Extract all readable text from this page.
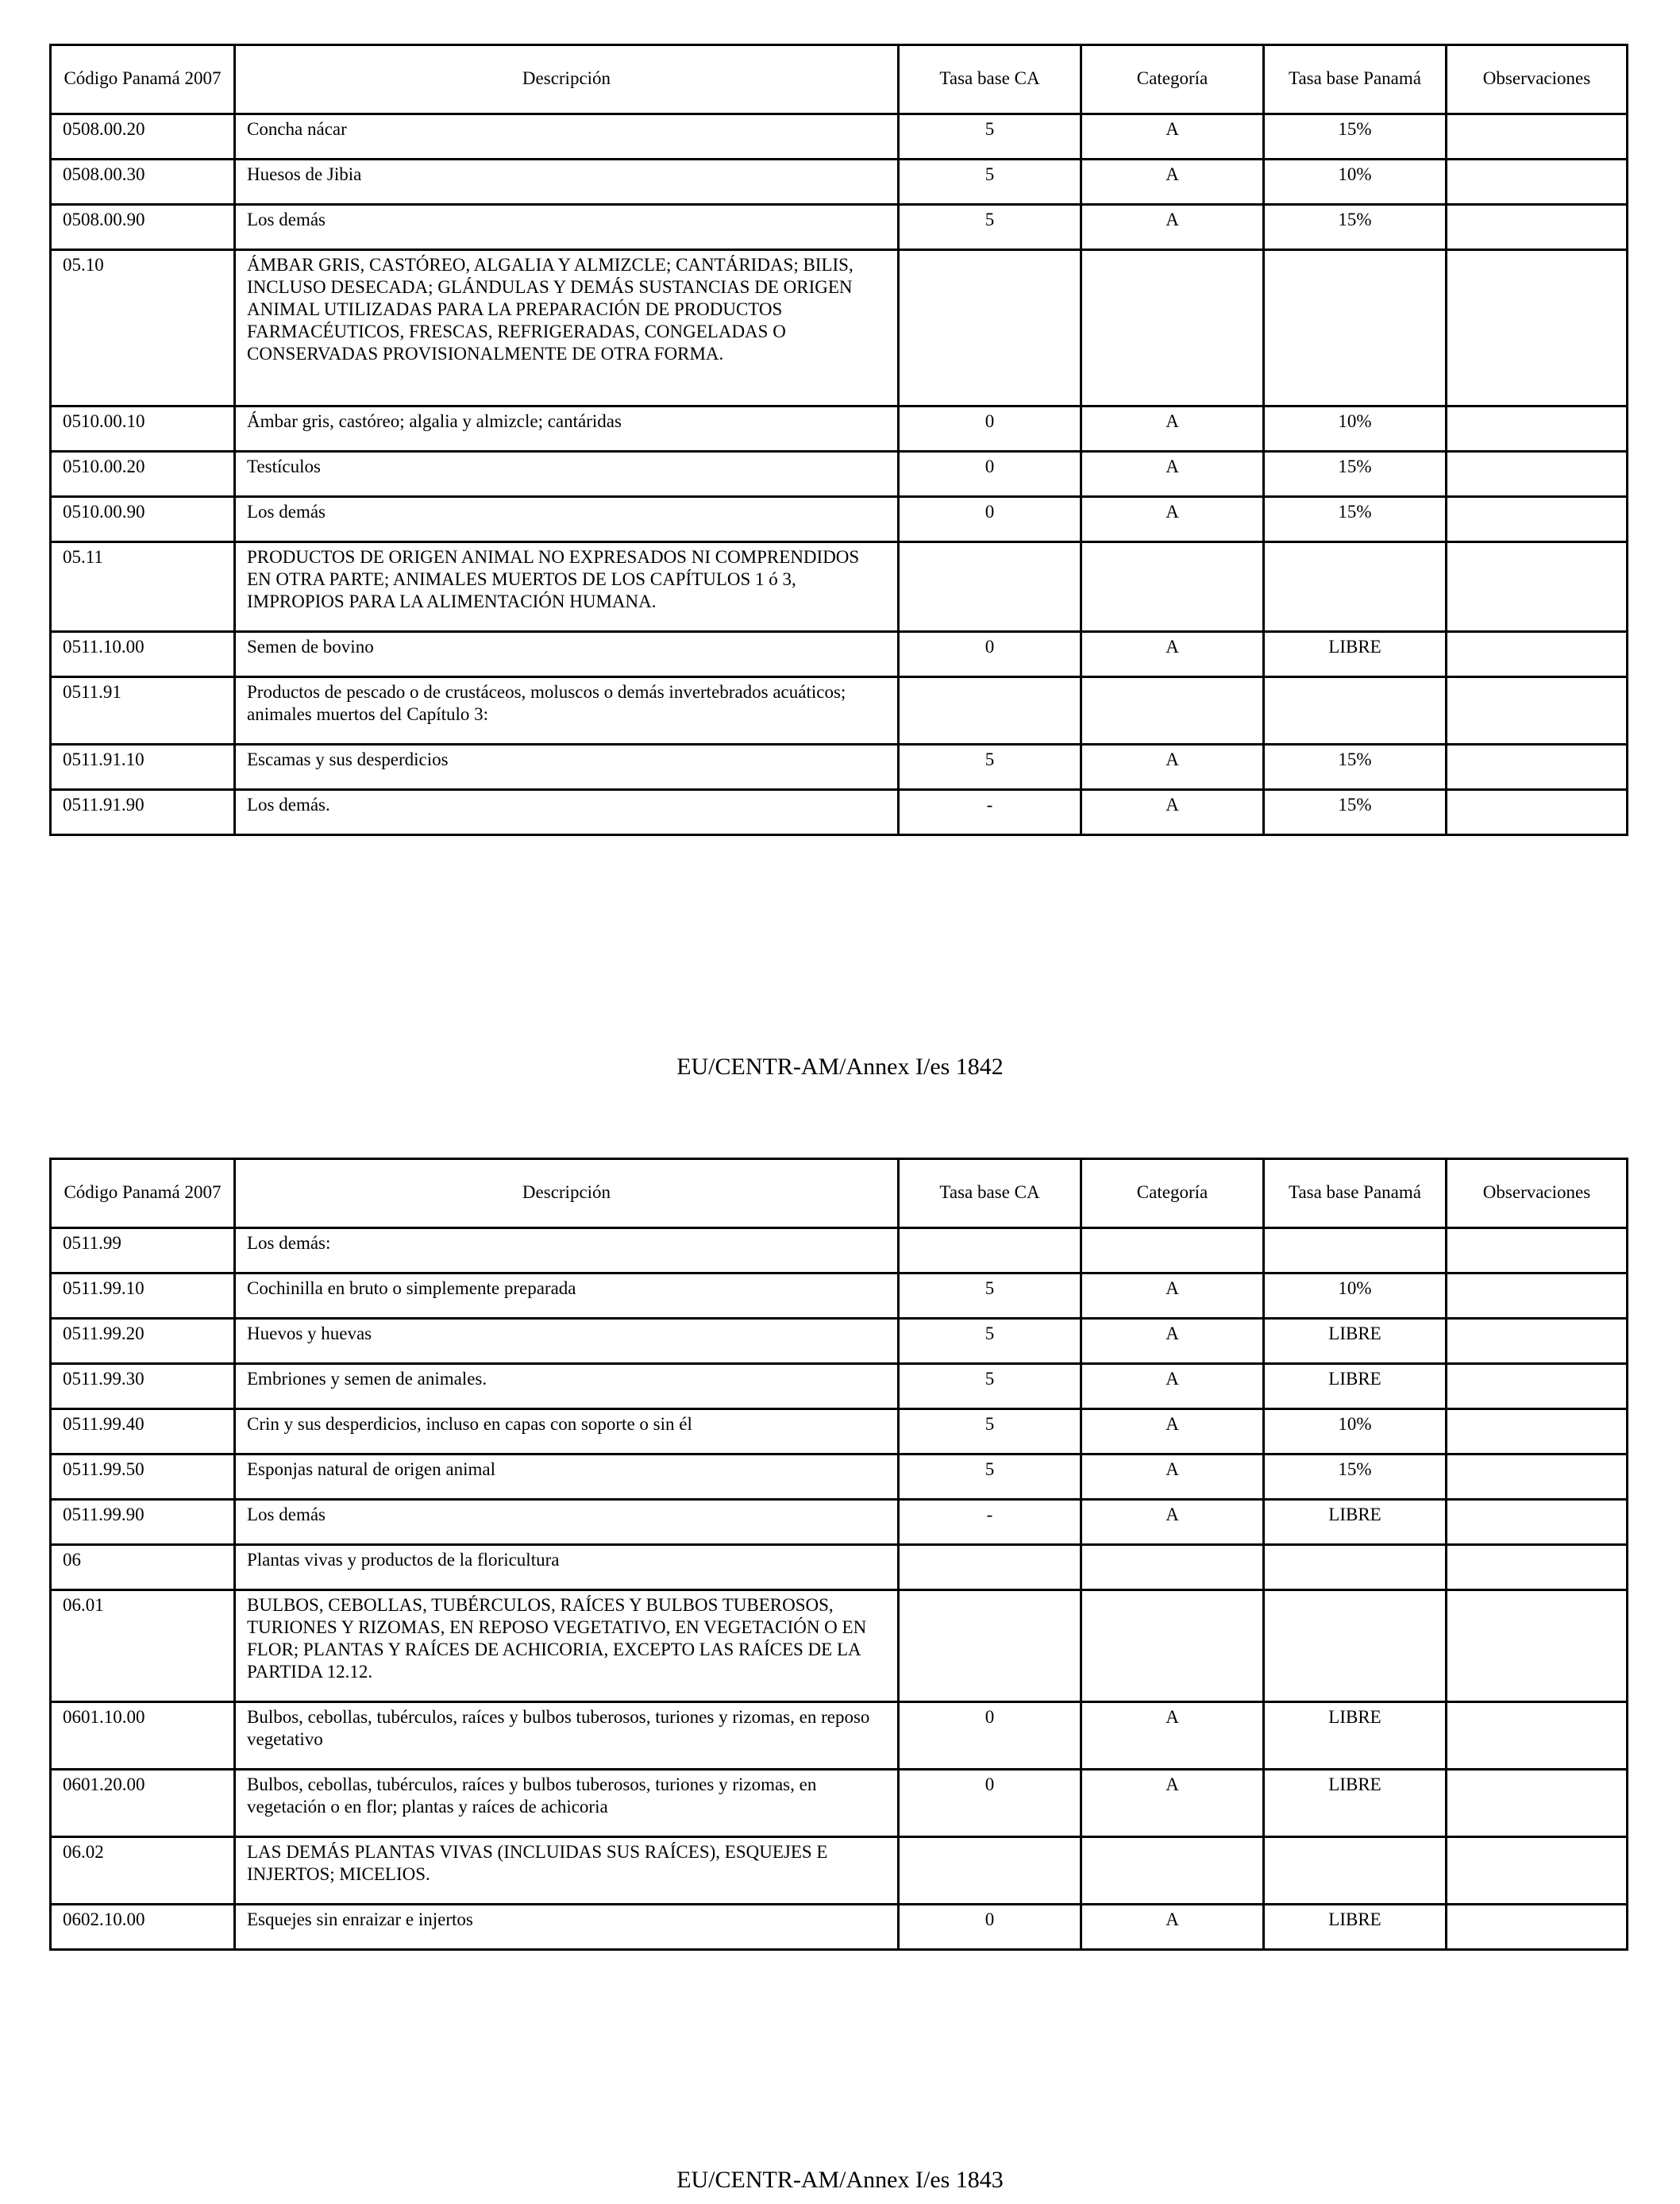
Código Panamá 2007	Descripción	Tasa base CA	Categoría	Tasa base Panamá	Observaciones
0508.00.20	Concha nácar	5	A	15%	
0508.00.30	Huesos de Jibia	5	A	10%	
0508.00.90	Los demás	5	A	15%	
05.10	ÁMBAR GRIS, CASTÓREO, ALGALIA Y ALMIZCLE; CANTÁRIDAS; BILIS, INCLUSO DESECADA; GLÁNDULAS Y DEMÁS SUSTANCIAS DE ORIGEN ANIMAL UTILIZADAS PARA LA PREPARACIÓN DE PRODUCTOS FARMACÉUTICOS, FRESCAS, REFRIGERADAS, CONGELADAS O CONSERVADAS PROVISIONALMENTE DE OTRA FORMA.				
0510.00.10	Ámbar gris, castóreo; algalia y almizcle; cantáridas	0	A	10%	
0510.00.20	Testículos	0	A	15%	
0510.00.90	Los demás	0	A	15%	
05.11	PRODUCTOS DE ORIGEN ANIMAL NO EXPRESADOS NI COMPRENDIDOS EN OTRA PARTE; ANIMALES MUERTOS DE LOS CAPÍTULOS 1 ó 3, IMPROPIOS PARA LA ALIMENTACIÓN HUMANA.				
0511.10.00	Semen de bovino	0	A	LIBRE	
0511.91	Productos de pescado o de crustáceos, moluscos o demás invertebrados acuáticos; animales muertos del Capítulo 3:				
0511.91.10	Escamas y sus desperdicios	5	A	15%	
0511.91.90	Los demás.	-	A	15%	
EU/CENTR-AM/Annex I/es 1842
Código Panamá 2007	Descripción	Tasa base CA	Categoría	Tasa base Panamá	Observaciones
0511.99	Los demás:				
0511.99.10	Cochinilla en bruto o simplemente preparada	5	A	10%	
0511.99.20	Huevos y huevas	5	A	LIBRE	
0511.99.30	Embriones y semen de animales.	5	A	LIBRE	
0511.99.40	Crin y sus desperdicios, incluso en capas con soporte o sin él	5	A	10%	
0511.99.50	Esponjas natural de origen animal	5	A	15%	
0511.99.90	Los demás	-	A	LIBRE	
06	Plantas vivas y productos de la floricultura				
06.01	BULBOS, CEBOLLAS, TUBÉRCULOS, RAÍCES Y BULBOS TUBEROSOS, TURIONES Y RIZOMAS, EN REPOSO VEGETATIVO, EN VEGETACIÓN O EN FLOR; PLANTAS Y RAÍCES DE ACHICORIA, EXCEPTO LAS RAÍCES DE LA PARTIDA 12.12.				
0601.10.00	Bulbos, cebollas, tubérculos, raíces y bulbos tuberosos, turiones y rizomas, en reposo vegetativo	0	A	LIBRE	
0601.20.00	Bulbos, cebollas, tubérculos, raíces y bulbos tuberosos, turiones y rizomas, en vegetación o en flor; plantas y raíces de achicoria	0	A	LIBRE	
06.02	LAS DEMÁS PLANTAS VIVAS (INCLUIDAS SUS RAÍCES), ESQUEJES E INJERTOS; MICELIOS.				
0602.10.00	Esquejes sin enraizar e injertos	0	A	LIBRE	
EU/CENTR-AM/Annex I/es 1843
